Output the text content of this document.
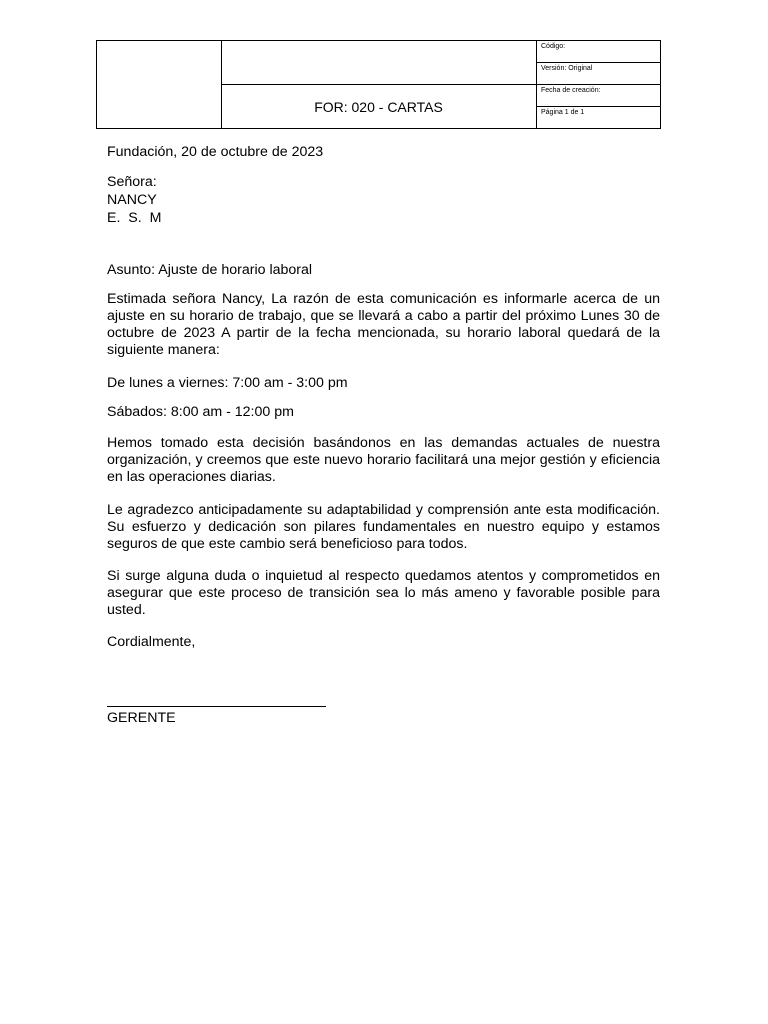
FOR: 020 - CARTAS
Código:
Versión: Original
Fecha de creación:
Página 1 de 1
Fundación, 20 de octubre de 2023
Señora:
NANCY
E.  S.  M
Asunto: Ajuste de horario laboral
Estimada señora Nancy, La razón de esta comunicación es informarle acerca de un ajuste en su horario de trabajo, que se llevará a cabo a partir del próximo Lunes 30 de octubre de 2023 A partir de la fecha mencionada, su horario laboral quedará de la siguiente manera:
De lunes a viernes: 7:00 am - 3:00 pm
Sábados: 8:00 am - 12:00 pm
Hemos tomado esta decisión basándonos en las demandas actuales de nuestra organización, y creemos que este nuevo horario facilitará una mejor gestión y eficiencia en las operaciones diarias.
Le agradezco anticipadamente su adaptabilidad y comprensión ante esta modificación. Su esfuerzo y dedicación son pilares fundamentales en nuestro equipo y estamos seguros de que este cambio será beneficioso para todos.
Si surge alguna duda o inquietud al respecto quedamos atentos y comprometidos en asegurar que este proceso de transición sea lo más ameno y favorable posible para usted.
Cordialmente,
GERENTE
